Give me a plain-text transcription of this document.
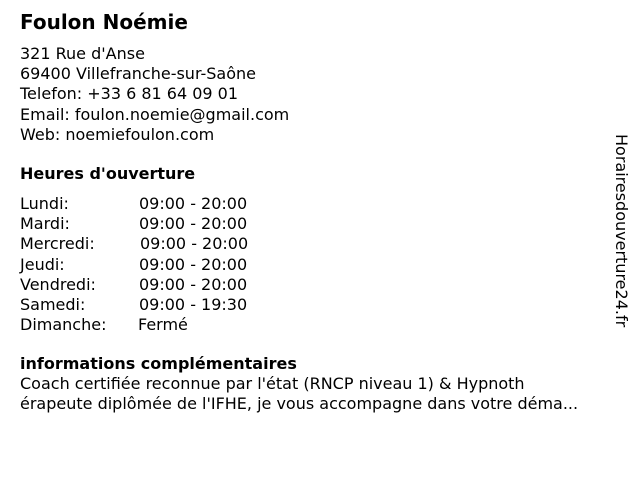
Foulon Noémie
321 Rue d'Anse
69400 Villefranche-sur-Saône
Telefon: +33 6 81 64 09 01
Email: foulon.noemie@gmail.com
Web: noemiefoulon.com
Heures d'ouverture
Lundi:	09:00 - 20:00
Mardi:	09:00 - 20:00
Mercredi:	09:00 - 20:00
Jeudi:	09:00 - 20:00
Vendredi:	09:00 - 20:00
Samedi:	09:00 - 19:30
Dimanche: Fermé
informations complémentaires
Coach certifiée reconnue par l'état (RNCP niveau 1) & Hypnoth
érapeute diplômée de l'IFHE, je vous accompagne dans votre déma...
Horairesdouverture24.fr
